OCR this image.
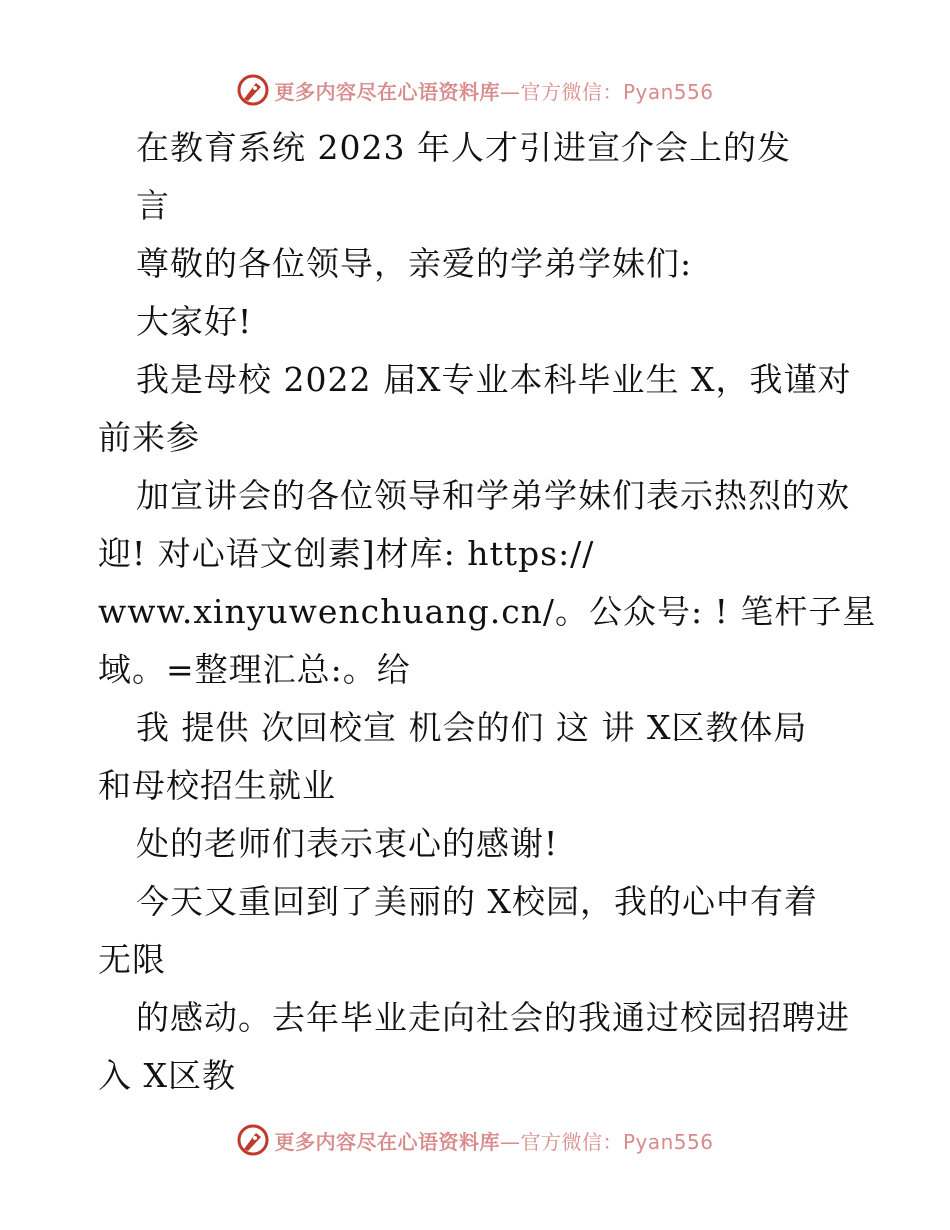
更多内容尽在心语资料库—官方微信：Pyan556
在教育系统 2023 年人才引进宣介会上的发
言
尊敬的各位领导，亲爱的学弟学妹们:
大家好!
我是母校 2022 届X专业本科毕业生 X，我谨对
前来参
加宣讲会的各位领导和学弟学妹们表示热烈的欢
迎! 对心语文创素]材库: https://
www.xinyuwenchuang.cn/。公众号: ! 笔杆子星
域。=整理汇总:。给
我 提供 次回校宣 机会的们 这 讲 X区教体局
和母校招生就业
处的老师们表示衷心的感谢!
今天又重回到了美丽的 X校园，我的心中有着
无限
的感动。去年毕业走向社会的我通过校园招聘进
入 X区教
更多内容尽在心语资料库—官方微信：Pyan556
